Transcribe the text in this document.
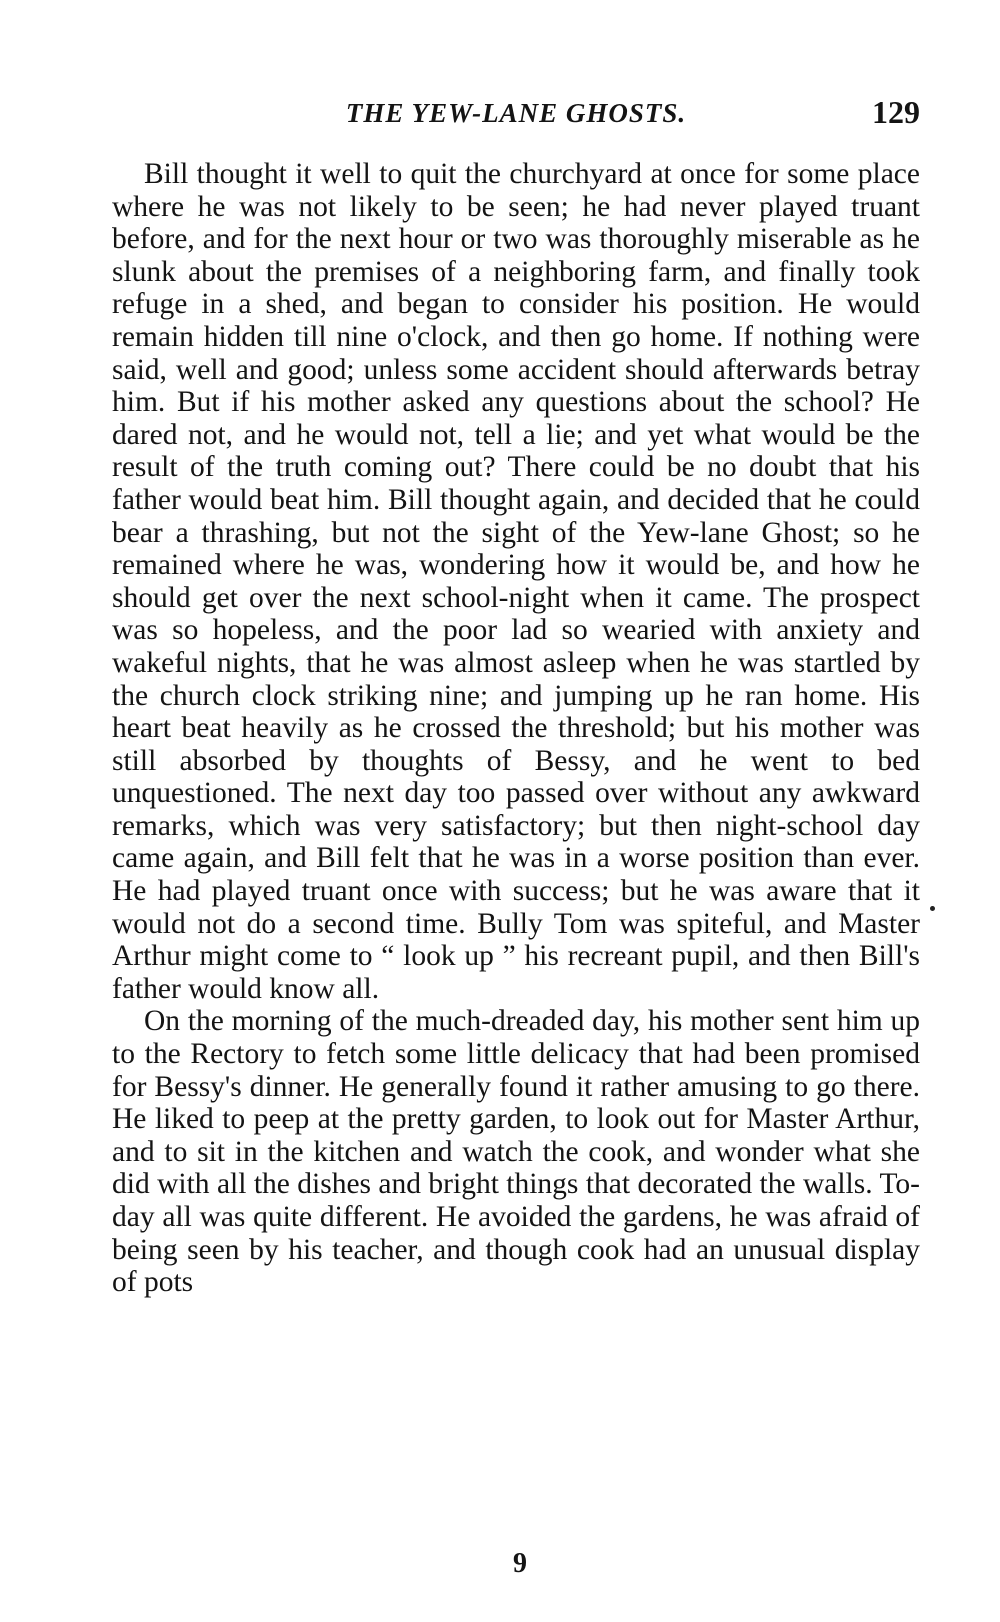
THE YEW-LANE GHOSTS.	129

Bill thought it well to quit the churchyard at once for some place where he was not likely to be seen; he had never played truant before, and for the next hour or two was thoroughly miserable as he slunk about the premises of a neighboring farm, and finally took refuge in a shed, and began to consider his position. He would remain hidden till nine o'clock, and then go home. If nothing were said, well and good; unless some accident should afterwards betray him. But if his mother asked any questions about the school? He dared not, and he would not, tell a lie; and yet what would be the result of the truth coming out? There could be no doubt that his father would beat him. Bill thought again, and decided that he could bear a thrashing, but not the sight of the Yew-lane Ghost; so he remained where he was, wondering how it would be, and how he should get over the next school-night when it came. The prospect was so hopeless, and the poor lad so wearied with anxiety and wakeful nights, that he was almost asleep when he was startled by the church clock striking nine; and jumping up he ran home. His heart beat heavily as he crossed the threshold; but his mother was still absorbed by thoughts of Bessy, and he went to bed unquestioned. The next day too passed over without any awkward remarks, which was very satisfactory; but then night-school day came again, and Bill felt that he was in a worse position than ever. He had played truant once with success; but he was aware that it would not do a second time. Bully Tom was spiteful, and Master Arthur might come to “ look up ” his recreant pupil, and then Bill's father would know all.

On the morning of the much-dreaded day, his mother sent him up to the Rectory to fetch some little delicacy that had been promised for Bessy's dinner. He generally found it rather amusing to go there. He liked to peep at the pretty garden, to look out for Master Arthur, and to sit in the kitchen and watch the cook, and wonder what she did with all the dishes and bright things that decorated the walls. To-day all was quite different. He avoided the gardens, he was afraid of being seen by his teacher, and though cook had an unusual display of pots

9
